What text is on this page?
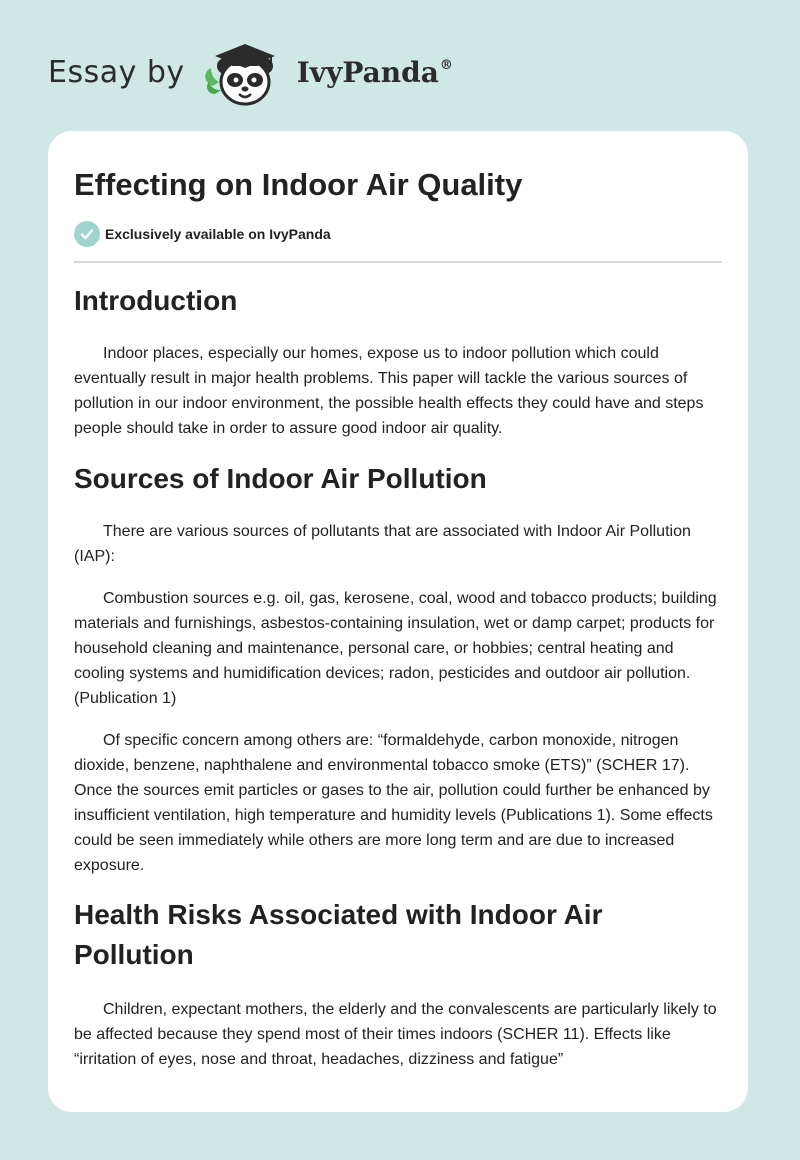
Essay by	IvyPanda®
Effecting on Indoor Air Quality
Exclusively available on IvyPanda
Introduction

Indoor places, especially our homes, expose us to indoor pollution which could eventually result in major health problems. This paper will tackle the various sources of pollution in our indoor environment, the possible health effects they could have and steps people should take in order to assure good indoor air quality.

Sources of Indoor Air Pollution

There are various sources of pollutants that are associated with Indoor Air Pollution (IAP):

Combustion sources e.g. oil, gas, kerosene, coal, wood and tobacco products; building materials and furnishings, asbestos-containing insulation, wet or damp carpet; products for household cleaning and maintenance, personal care, or hobbies; central heating and cooling systems and humidification devices; radon, pesticides and outdoor air pollution. (Publication 1)

Of specific concern among others are: “formaldehyde, carbon monoxide, nitrogen dioxide, benzene, naphthalene and environmental tobacco smoke (ETS)” (SCHER 17). Once the sources emit particles or gases to the air, pollution could further be enhanced by insufficient ventilation, high temperature and humidity levels (Publications 1). Some effects could be seen immediately while others are more long term and are due to increased exposure.

Health Risks Associated with Indoor Air Pollution

Children, expectant mothers, the elderly and the convalescents are particularly likely to be affected because they spend most of their times indoors (SCHER 11). Effects like “irritation of eyes, nose and throat, headaches, dizziness and fatigue”
